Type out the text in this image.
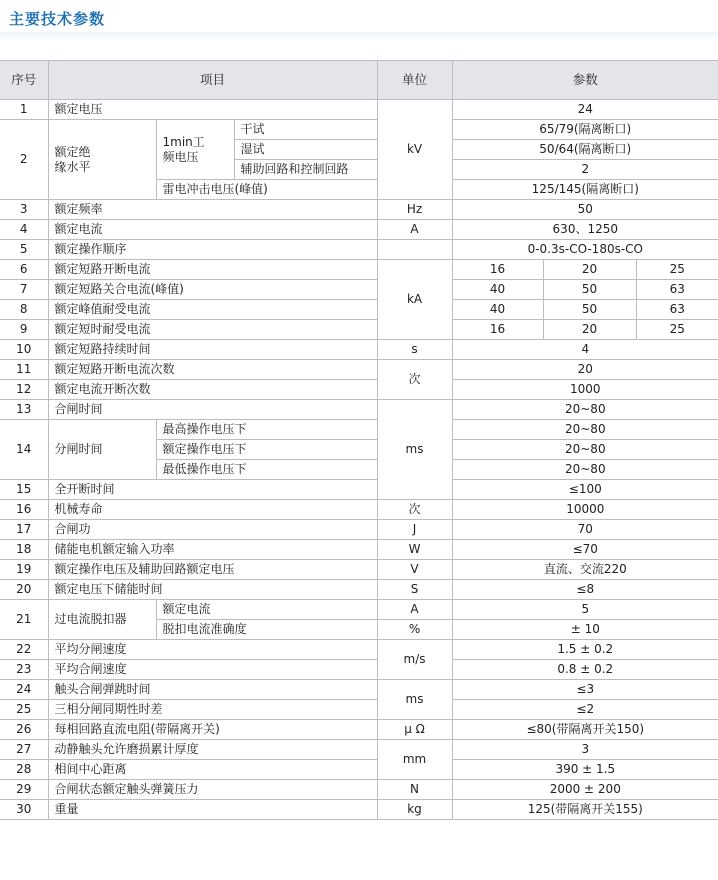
主要技术参数
序号	项目			单位	参数		
1	额定电压			kV	24		
2	额定绝缘水平	1min工频电压	干试		65/79(隔离断口)		
			湿试		50/64(隔离断口)		
			辅助回路和控制回路		2		
		雷电冲击电压(峰值)			125/145(隔离断口)		
3	额定频率			Hz	50		
4	额定电流			A	630、1250		
5	额定操作顺序				0-0.3s-CO-180s-CO		
6	额定短路开断电流			kA	16	20	25
7	额定短路关合电流(峰值)				40	50	63
8	额定峰值耐受电流				40	50	63
9	额定短时耐受电流				16	20	25
10	额定短路持续时间			s	4		
11	额定短路开断电流次数			次	20		
12	额定电流开断次数				1000		
13	合闸时间			ms	20~80		
14	分闸时间	最高操作电压下			20~80		
		额定操作电压下			20~80		
		最低操作电压下			20~80		
15	全开断时间				≤100		
16	机械寿命			次	10000		
17	合闸功			J	70		
18	储能电机额定输入功率			W	≤70		
19	额定操作电压及辅助回路额定电压			V	直流、交流220		
20	额定电压下储能时间			S	≤8		
21	过电流脱扣器	额定电流		A	5		
		脱扣电流准确度		%	± 10		
22	平均分闸速度			m/s	1.5 ± 0.2		
23	平均合闸速度				0.8 ± 0.2		
24	触头合闸弹跳时间			ms	≤3		
25	三相分闸同期性时差				≤2		
26	每相回路直流电阻(带隔离开关)			μ Ω	≤80(带隔离开关150)		
27	动静触头允许磨损累计厚度			mm	3		
28	相间中心距离				390 ± 1.5		
29	合闸状态额定触头弹簧压力			N	2000 ± 200		
30	重量			kg	125(带隔离开关155)		
